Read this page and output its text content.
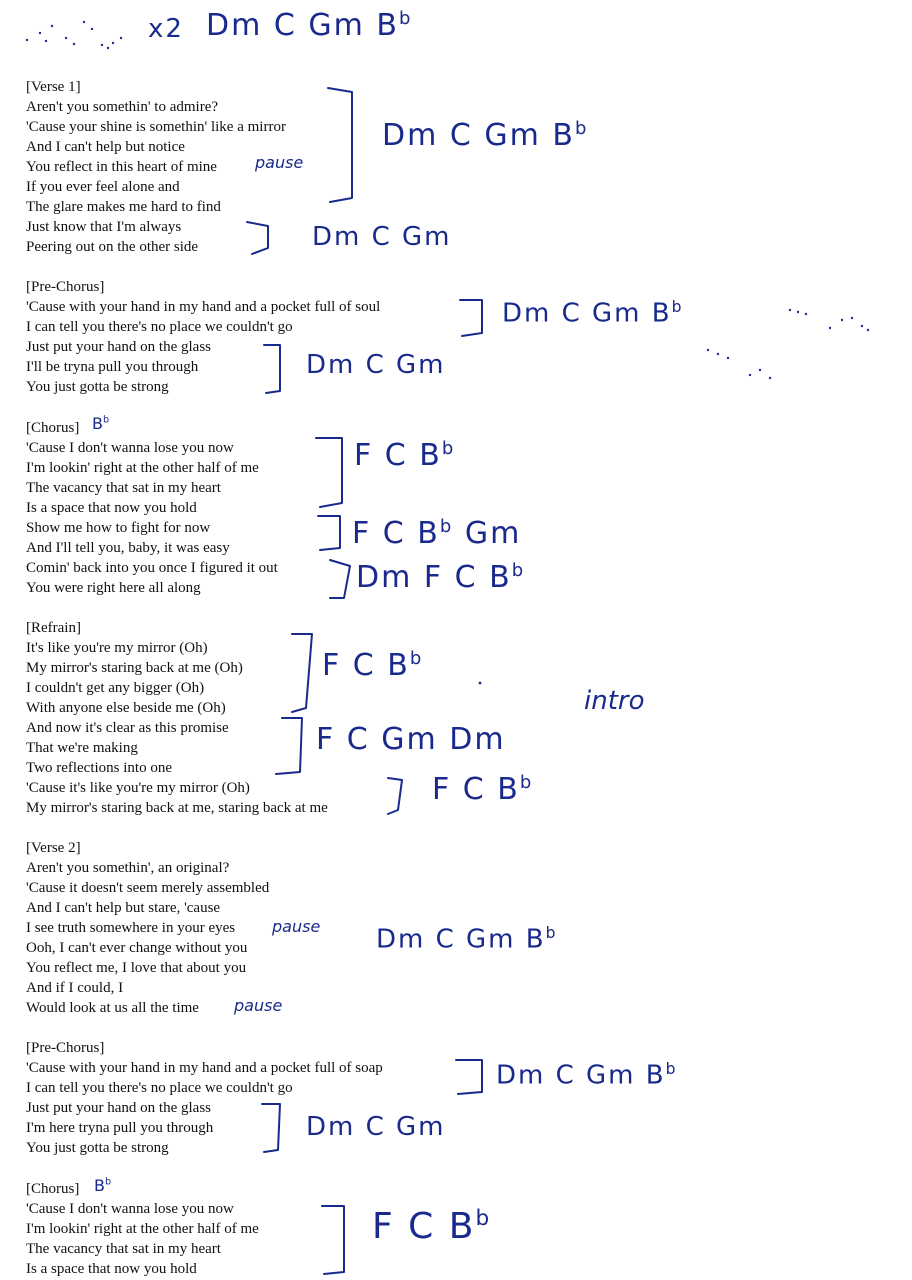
x2 Dm C Gm $B^b$

[Verse 1]

Aren't you somethin' to admire?

'Cause your shine is somethin' like a mirror

And I can't help but notice

You reflect in this heart of mine

If you ever feel alone and

The glare makes me hard to find

Just know that I'm always

Peering out on the other side

pause
Dm C Gm $B^b$
Dm C Gm

[Pre-Chorus]

'Cause with your hand in my hand and a pocket full of soul

I can tell you there's no place we couldn't go

Just put your hand on the glass

I'll be tryna pull you through

You just gotta be strong

Dm C Gm $B^b$
Dm C Gm

[Chorus] $B^b$

'Cause I don't wanna lose you now

I'm lookin' right at the other half of me

The vacancy that sat in my heart

Is a space that now you hold

Show me how to fight for now

And I'll tell you, baby, it was easy

Comin' back into you once I figured it out

You were right here all along

F C $B^b$
F C $B^b$ Gm
Dm F C $B^b$

[Refrain]

It's like you're my mirror (Oh)

My mirror's staring back at me (Oh)

I couldn't get any bigger (Oh)

With anyone else beside me (Oh)

And now it's clear as this promise

That we're making

Two reflections into one

'Cause it's like you're my mirror (Oh)

My mirror's staring back at me, staring back at me

F C $B^b$
F C Gm Dm
F C $B^b$
intro

[Verse 2]

Aren't you somethin', an original?

'Cause it doesn't seem merely assembled

And I can't help but stare, 'cause

I see truth somewhere in your eyes

Ooh, I can't ever change without you

You reflect me, I love that about you

And if I could, I

Would look at us all the time

pause
pause
Dm C Gm $B^b$

[Pre-Chorus]

'Cause with your hand in my hand and a pocket full of soap

I can tell you there's no place we couldn't go

Just put your hand on the glass

I'm here tryna pull you through

You just gotta be strong

Dm C Gm $B^b$
Dm C Gm

[Chorus] $B^b$

'Cause I don't wanna lose you now

I'm lookin' right at the other half of me

The vacancy that sat in my heart

Is a space that now you hold

F C $B^b$
